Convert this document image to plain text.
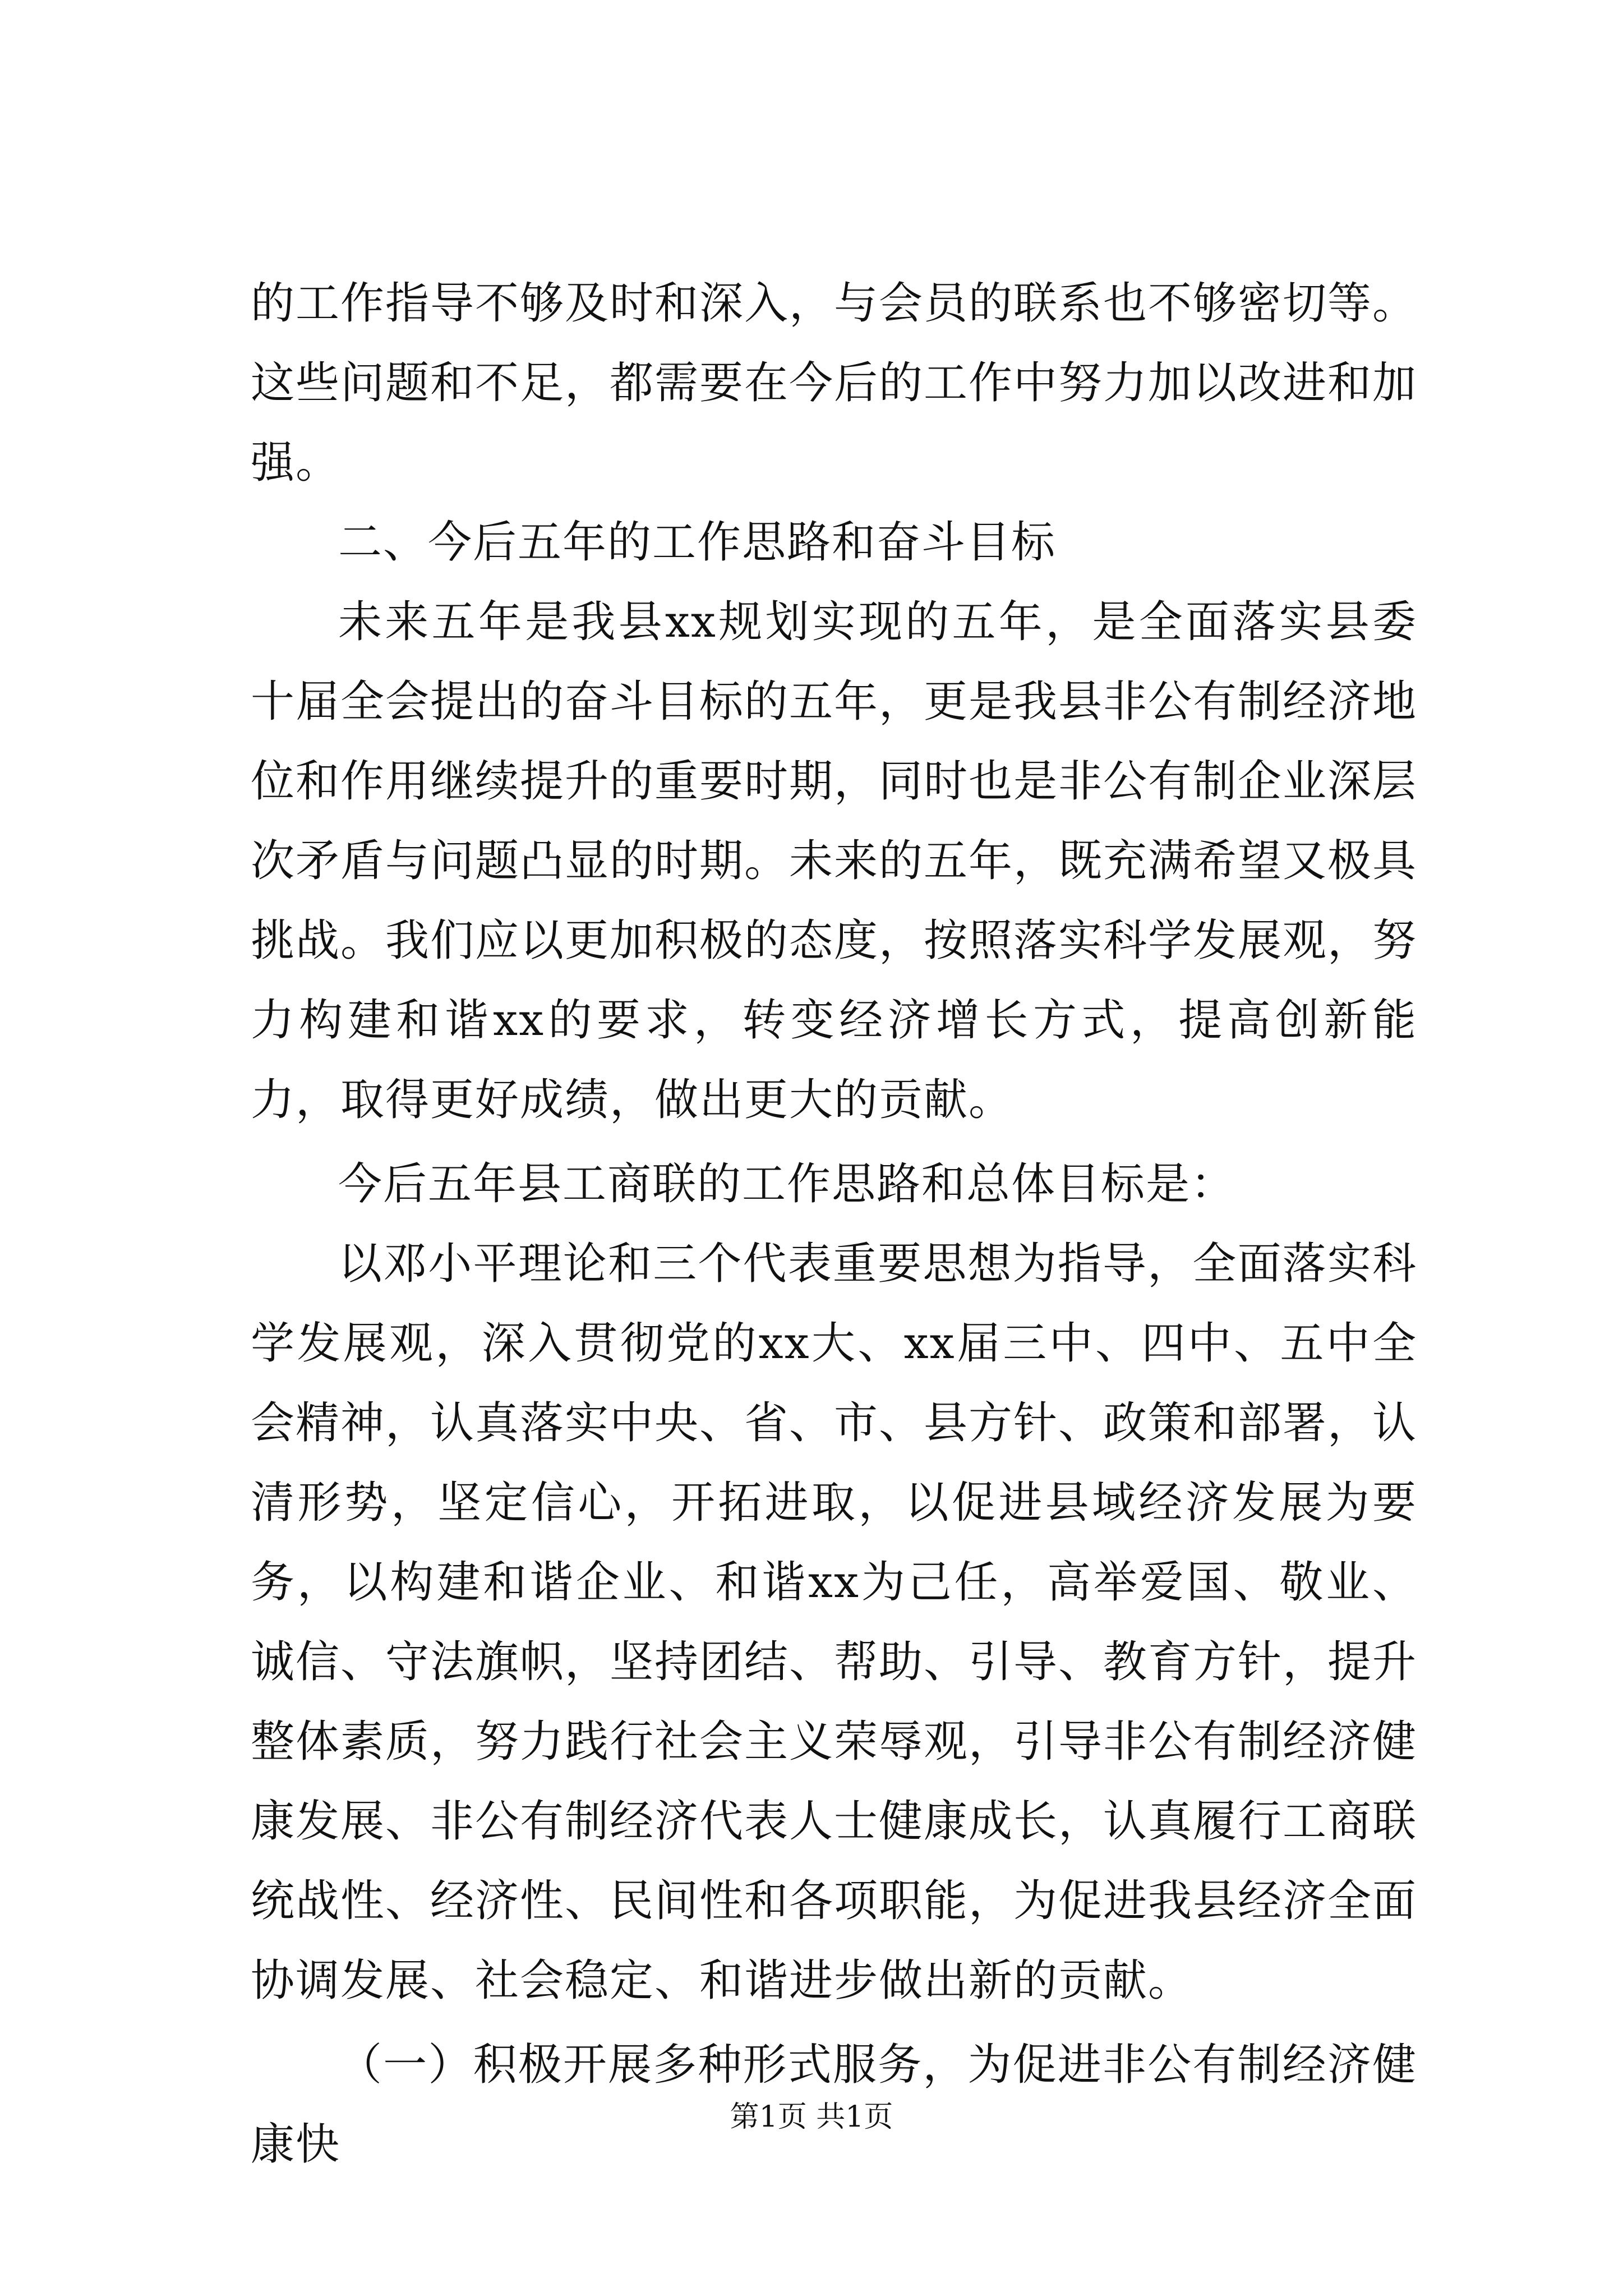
的工作指导不够及时和深入，与会员的联系也不够密切等。这些问题和不足，都需要在今后的工作中努力加以改进和加强。

二、今后五年的工作思路和奋斗目标

未来五年是我县xx规划实现的五年，是全面落实县委十届全会提出的奋斗目标的五年，更是我县非公有制经济地位和作用继续提升的重要时期，同时也是非公有制企业深层次矛盾与问题凸显的时期。未来的五年，既充满希望又极具挑战。我们应以更加积极的态度，按照落实科学发展观，努力构建和谐xx的要求，转变经济增长方式，提高创新能力，取得更好成绩，做出更大的贡献。

今后五年县工商联的工作思路和总体目标是：

以邓小平理论和三个代表重要思想为指导，全面落实科学发展观，深入贯彻党的xx大、xx届三中、四中、五中全会精神，认真落实中央、省、市、县方针、政策和部署，认清形势，坚定信心，开拓进取，以促进县域经济发展为要务，以构建和谐企业、和谐xx为己任，高举爱国、敬业、诚信、守法旗帜，坚持团结、帮助、引导、教育方针，提升整体素质，努力践行社会主义荣辱观，引导非公有制经济健康发展、非公有制经济代表人士健康成长，认真履行工商联统战性、经济性、民间性和各项职能，为促进我县经济全面协调发展、社会稳定、和谐进步做出新的贡献。

（一）积极开展多种形式服务，为促进非公有制经济健康快

第1页 共1页
